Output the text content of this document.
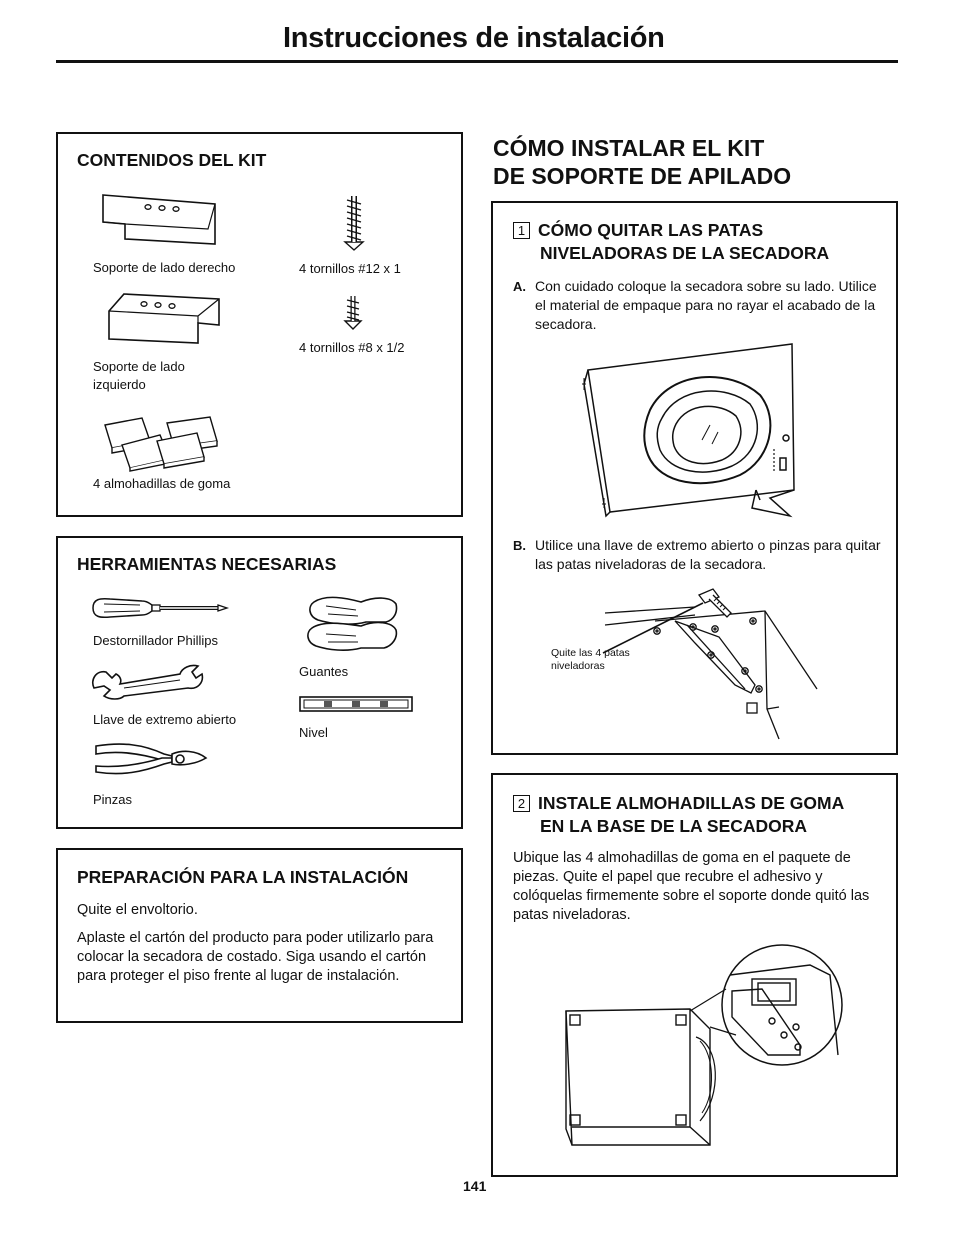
Instrucciones de instalación
CONTENIDOS DEL KIT
Soporte de lado derecho	4 tornillos #12 x 1
Soporte de lado
izquierdo
4 tornillos #8 x 1/2
4 almohadillas de goma
HERRAMIENTAS NECESARIAS
Destornillador Phillips
Guantes
Llave de extremo abierto
Nivel
Pinzas
PREPARACIÓN PARA LA INSTALACIÓN
Quite el envoltorio.
Aplaste el cartón del producto para poder utilizarlo para colocar la secadora de costado. Siga usando el cartón para proteger el piso frente al lugar de instalación.
CÓMO INSTALAR EL KIT
DE SOPORTE DE APILADO
1 CÓMO QUITAR LAS PATAS
NIVELADORAS DE LA SECADORA
A. Con cuidado coloque la secadora sobre su lado. Utilice el material de empaque para no rayar el acabado de la secadora.
B. Utilice una llave de extremo abierto o pinzas para quitar las patas niveladoras de la secadora.
Quite las 4 patas
niveladoras
2 INSTALE ALMOHADILLAS DE GOMA
EN LA BASE DE LA SECADORA
Ubique las 4 almohadillas de goma en el paquete de piezas. Quite el papel que recubre el adhesivo y colóquelas firmemente sobre el soporte donde quitó las patas niveladoras.
141
